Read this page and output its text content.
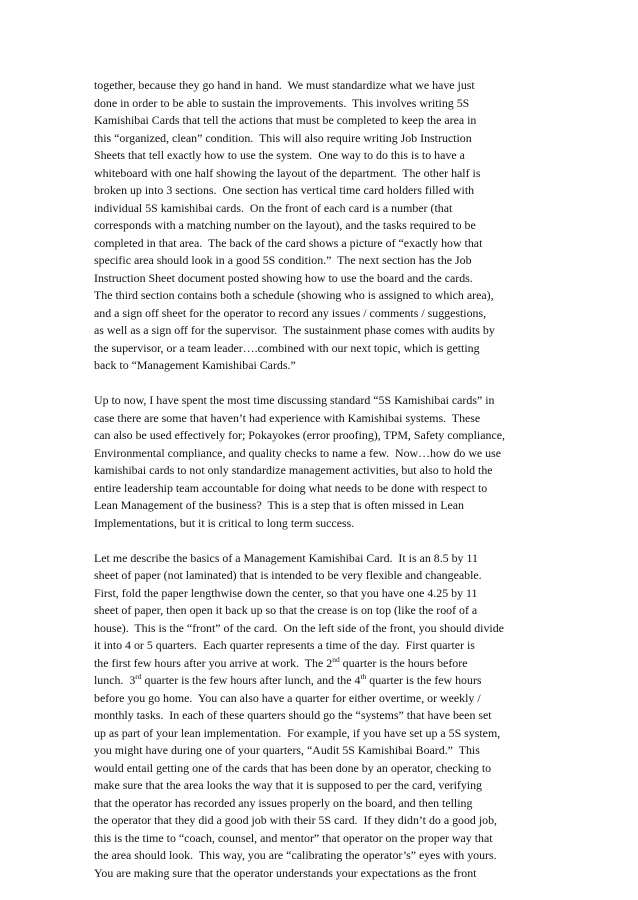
together, because they go hand in hand.  We must standardize what we have just
done in order to be able to sustain the improvements.  This involves writing 5S
Kamishibai Cards that tell the actions that must be completed to keep the area in
this “organized, clean” condition.  This will also require writing Job Instruction
Sheets that tell exactly how to use the system.  One way to do this is to have a
whiteboard with one half showing the layout of the department.  The other half is
broken up into 3 sections.  One section has vertical time card holders filled with
individual 5S kamishibai cards.  On the front of each card is a number (that
corresponds with a matching number on the layout), and the tasks required to be
completed in that area.  The back of the card shows a picture of “exactly how that
specific area should look in a good 5S condition.”  The next section has the Job
Instruction Sheet document posted showing how to use the board and the cards.
The third section contains both a schedule (showing who is assigned to which area),
and a sign off sheet for the operator to record any issues / comments / suggestions,
as well as a sign off for the supervisor.  The sustainment phase comes with audits by
the supervisor, or a team leader….combined with our next topic, which is getting
back to “Management Kamishibai Cards.”

Up to now, I have spent the most time discussing standard “5S Kamishibai cards” in
case there are some that haven’t had experience with Kamishibai systems.  These
can also be used effectively for; Pokayokes (error proofing), TPM, Safety compliance,
Environmental compliance, and quality checks to name a few.  Now…how do we use
kamishibai cards to not only standardize management activities, but also to hold the
entire leadership team accountable for doing what needs to be done with respect to
Lean Management of the business?  This is a step that is often missed in Lean
Implementations, but it is critical to long term success.

Let me describe the basics of a Management Kamishibai Card.  It is an 8.5 by 11
sheet of paper (not laminated) that is intended to be very flexible and changeable.
First, fold the paper lengthwise down the center, so that you have one 4.25 by 11
sheet of paper, then open it back up so that the crease is on top (like the roof of a
house).  This is the “front” of the card.  On the left side of the front, you should divide
it into 4 or 5 quarters.  Each quarter represents a time of the day.  First quarter is
the first few hours after you arrive at work.  The 2nd quarter is the hours before
lunch.  3rd quarter is the few hours after lunch, and the 4th quarter is the few hours
before you go home.  You can also have a quarter for either overtime, or weekly /
monthly tasks.  In each of these quarters should go the “systems” that have been set
up as part of your lean implementation.  For example, if you have set up a 5S system,
you might have during one of your quarters, “Audit 5S Kamishibai Board.”  This
would entail getting one of the cards that has been done by an operator, checking to
make sure that the area looks the way that it is supposed to per the card, verifying
that the operator has recorded any issues properly on the board, and then telling
the operator that they did a good job with their 5S card.  If they didn’t do a good job,
this is the time to “coach, counsel, and mentor” that operator on the proper way that
the area should look.  This way, you are “calibrating the operator’s” eyes with yours.
You are making sure that the operator understands your expectations as the front
